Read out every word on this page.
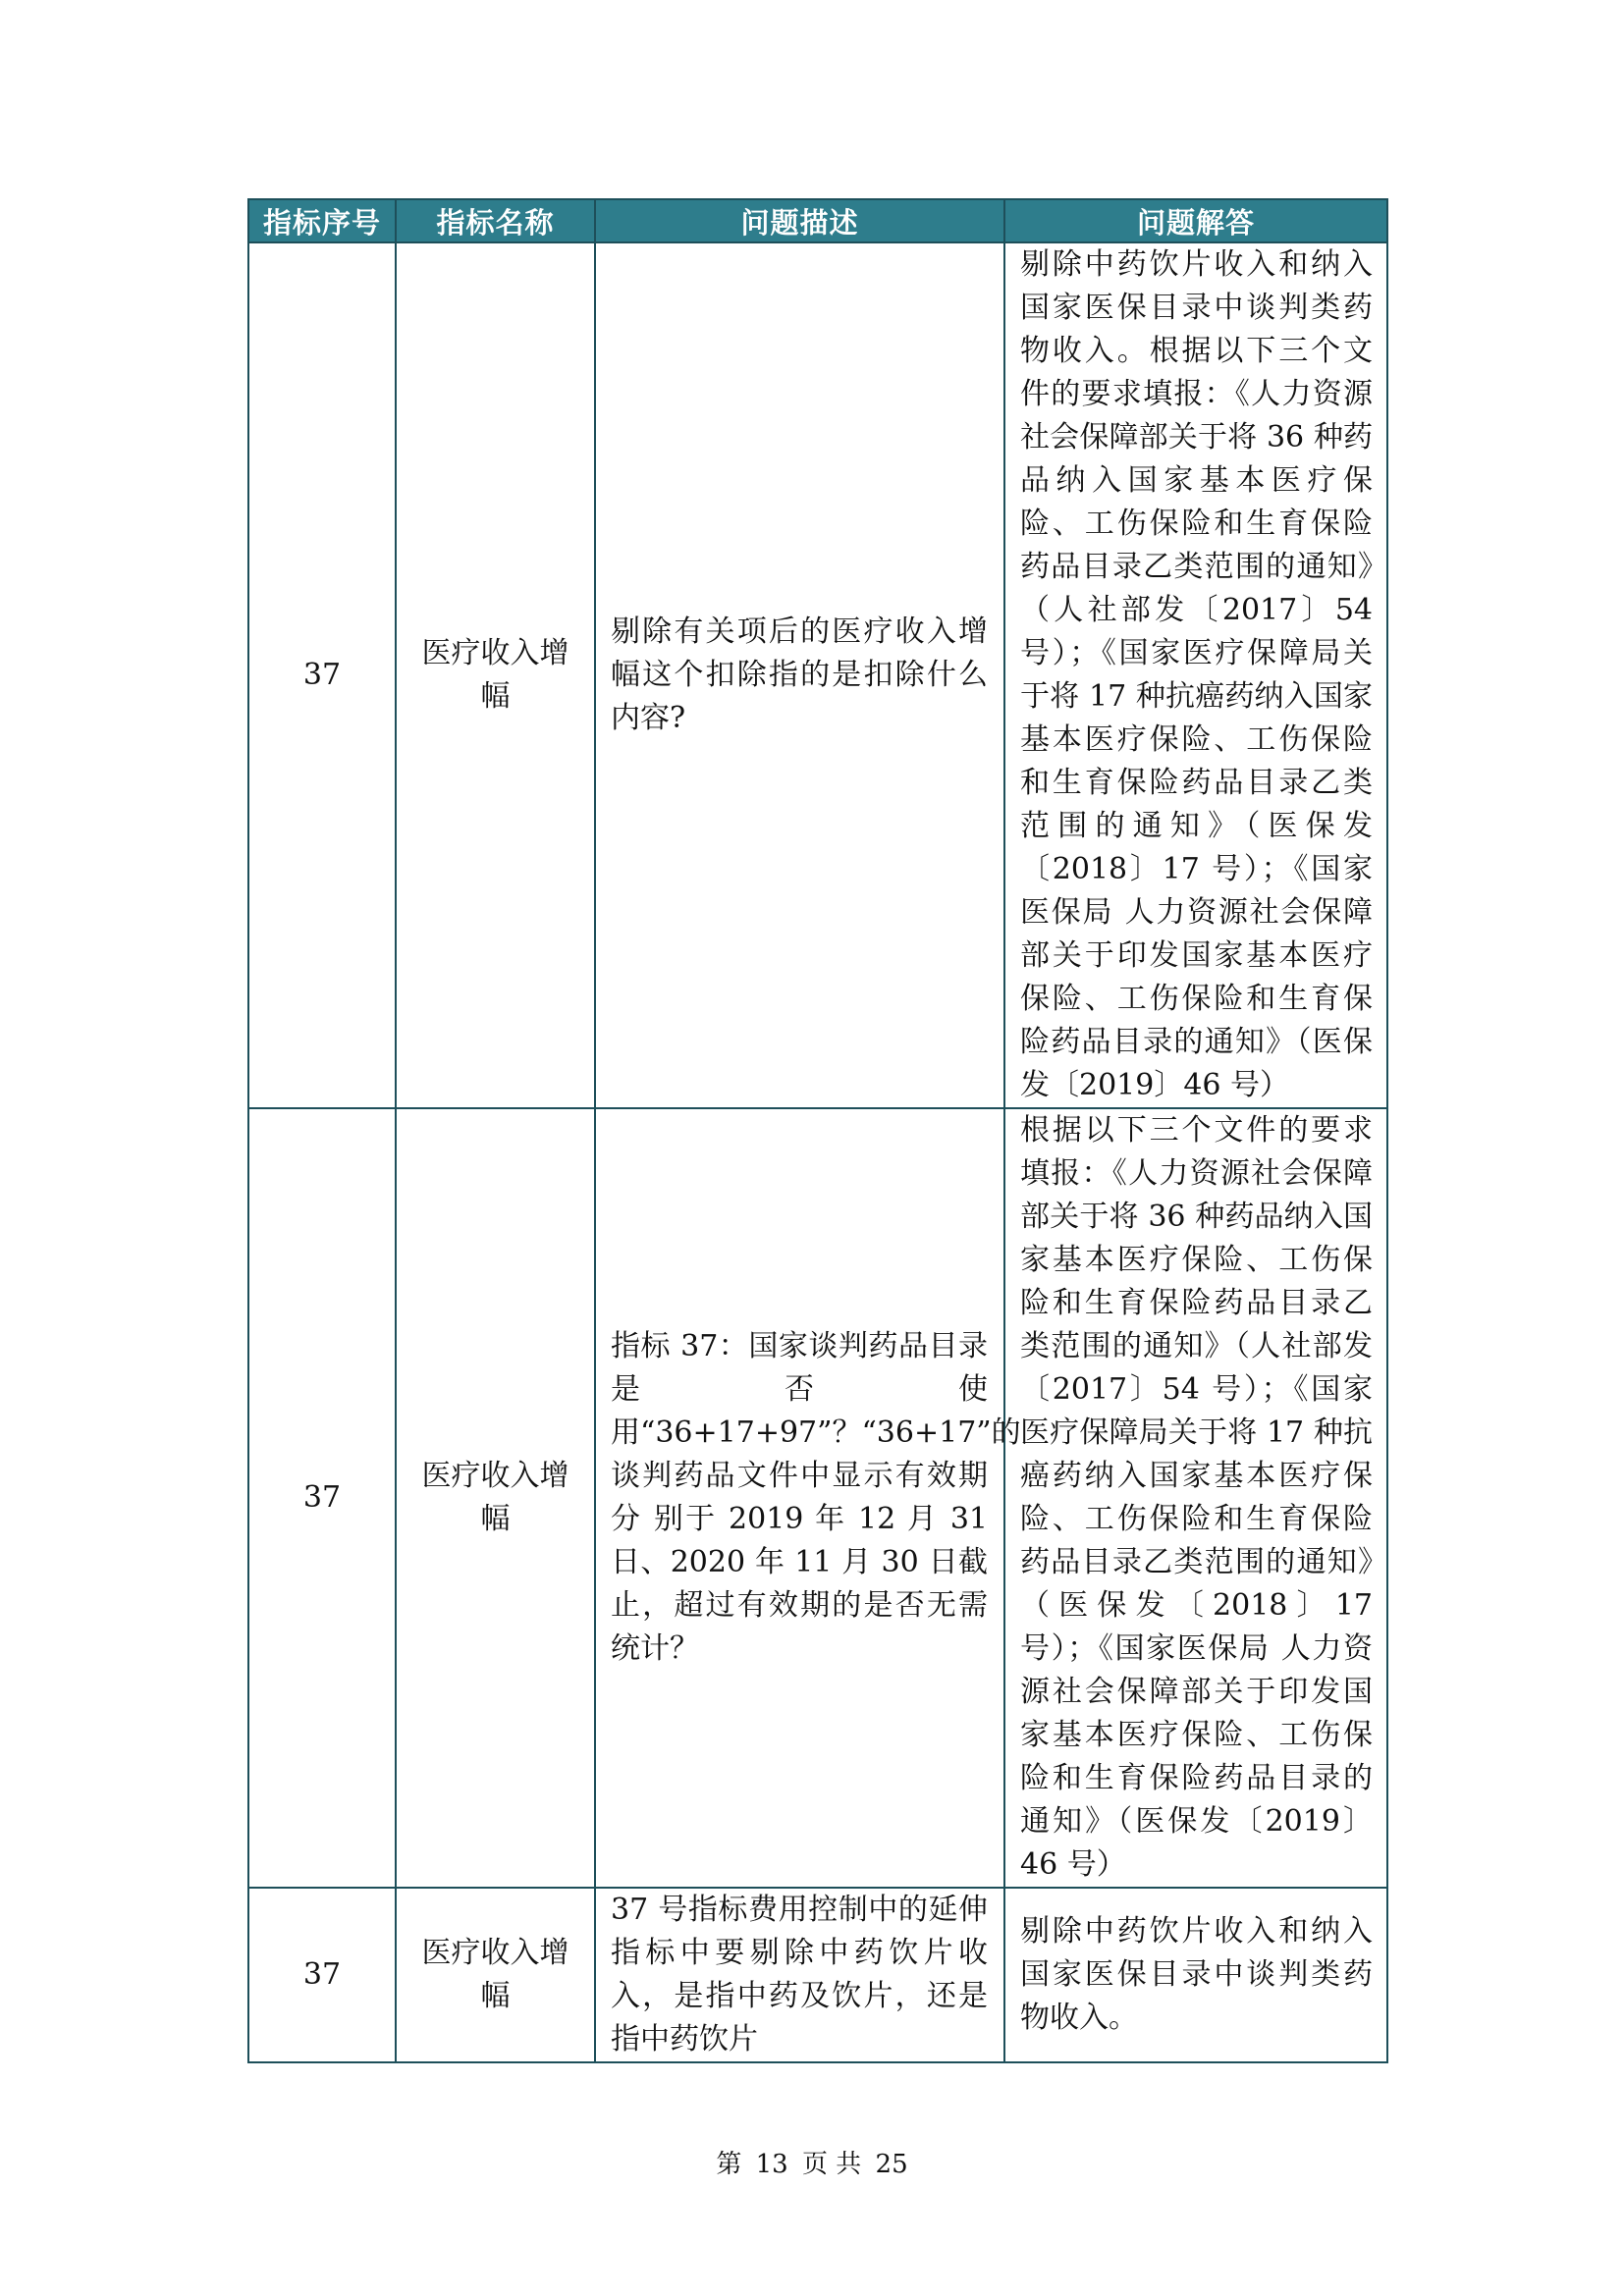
指标序号	指标名称	问题描述	问题解答
37	医疗收入增幅	剔除有关项后的医疗收入增幅这个扣除指的是扣除什么内容?	剔除中药饮片收入和纳入国家医保目录中谈判类药物收入。根据以下三个文件的要求填报：《人力资源社会保障部关于将 36 种药品纳入国家基本医疗保险、工伤保险和生育保险药品目录乙类范围的通知》（人社部发〔2017〕54 号）；《国家医疗保障局关于将 17 种抗癌药纳入国家基本医疗保险、工伤保险和生育保险药品目录乙类范围的通知》（医保发〔2018〕17 号）；《国家医保局 人力资源社会保障部关于印发国家基本医疗保险、工伤保险和生育保险药品目录的通知》（医保发〔2019〕46 号）
37	医疗收入增幅	指标 37：国家谈判药品目录是否使用“36+17+97”？“36+17”的谈判药品文件中显示有效期分 别于 2019 年 12 月 31 日、2020 年 11 月 30 日截止，超过有效期的是否无需统计？	根据以下三个文件的要求填报：《人力资源社会保障部关于将 36 种药品纳入国家基本医疗保险、工伤保险和生育保险药品目录乙类范围的通知》（人社部发〔2017〕54 号）；《国家医疗保障局关于将 17 种抗癌药纳入国家基本医疗保险、工伤保险和生育保险药品目录乙类范围的通知》（医保发〔2018〕17 号）；《国家医保局 人力资源社会保障部关于印发国家基本医疗保险、工伤保险和生育保险药品目录的通知》（医保发〔2019〕46 号）
37	医疗收入增幅	37 号指标费用控制中的延伸指标中要剔除中药饮片收入，是指中药及饮片，还是指中药饮片	剔除中药饮片收入和纳入国家医保目录中谈判类药物收入。
第 13 页 共 25
